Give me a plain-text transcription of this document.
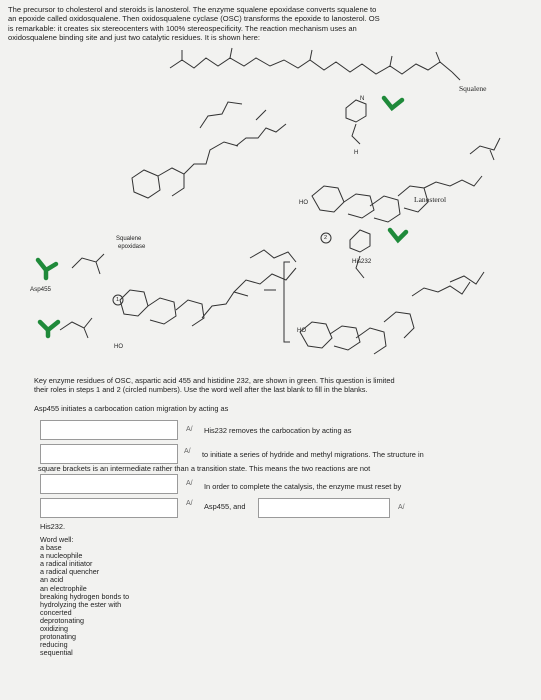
The precursor to cholesterol and steroids is lanosterol. The enzyme squalene epoxidase converts squalene to

an epoxide called oxidosqualene. Then oxidosqualene cyclase (OSC) transforms the epoxide to lanosterol. OS

is remarkable: it creates six stereocenters with 100% stereospecificity. The reaction mechanism uses an

oxidosqualene binding site and just two catalytic residues. It is shown here:

Squalene
Lanosterol
Squalene
epoxidase
Asp455
His232
HO
HO
HO
1
2
N
H
Key enzyme residues of OSC, aspartic acid 455 and histidine 232, are shown in green. This question is limited
their roles in steps 1 and 2 (circled numbers). Use the word well after the last blank to fill in the blanks.
Asp455 initiates a carbocation cation migration by acting as
A/ His232 removes the carbocation by acting as
A/ to initiate a series of hydride and methyl migrations. The structure in
square brackets is an intermediate rather than a transition state. This means the two reactions are not
A/ In order to complete the catalysis, the enzyme must reset by
A/ Asp455, and	A/
His232.
Word well:
a base
a nucleophile
a radical initiator
a radical quencher
an acid
an electrophile
breaking hydrogen bonds to
hydrolyzing the ester with
concerted
deprotonating
oxidizing
protonating
reducing
sequential
